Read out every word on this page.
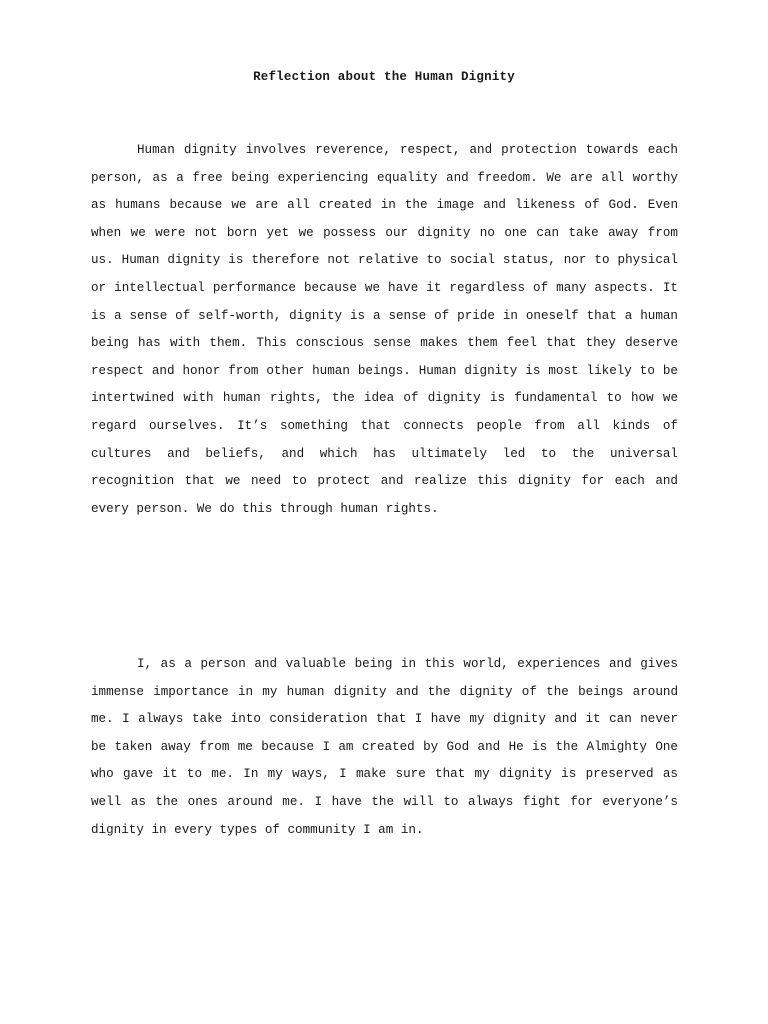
Reflection about the Human Dignity

Human dignity involves reverence, respect, and protection towards each person, as a free being experiencing equality and freedom. We are all worthy as humans because we are all created in the image and likeness of God. Even when we were not born yet we possess our dignity no one can take away from us. Human dignity is therefore not relative to social status, nor to physical or intellectual performance because we have it regardless of many aspects. It is a sense of self-worth, dignity is a sense of pride in oneself that a human being has with them. This conscious sense makes them feel that they deserve respect and honor from other human beings. Human dignity is most likely to be intertwined with human rights, the idea of dignity is fundamental to how we regard ourselves. It’s something that connects people from all kinds of cultures and beliefs, and which has ultimately led to the universal recognition that we need to protect and realize this dignity for each and every person. We do this through human rights.

I, as a person and valuable being in this world, experiences and gives immense importance in my human dignity and the dignity of the beings around me. I always take into consideration that I have my dignity and it can never be taken away from me because I am created by God and He is the Almighty One who gave it to me. In my ways, I make sure that my dignity is preserved as well as the ones around me. I have the will to always fight for everyone’s dignity in every types of community I am in.
